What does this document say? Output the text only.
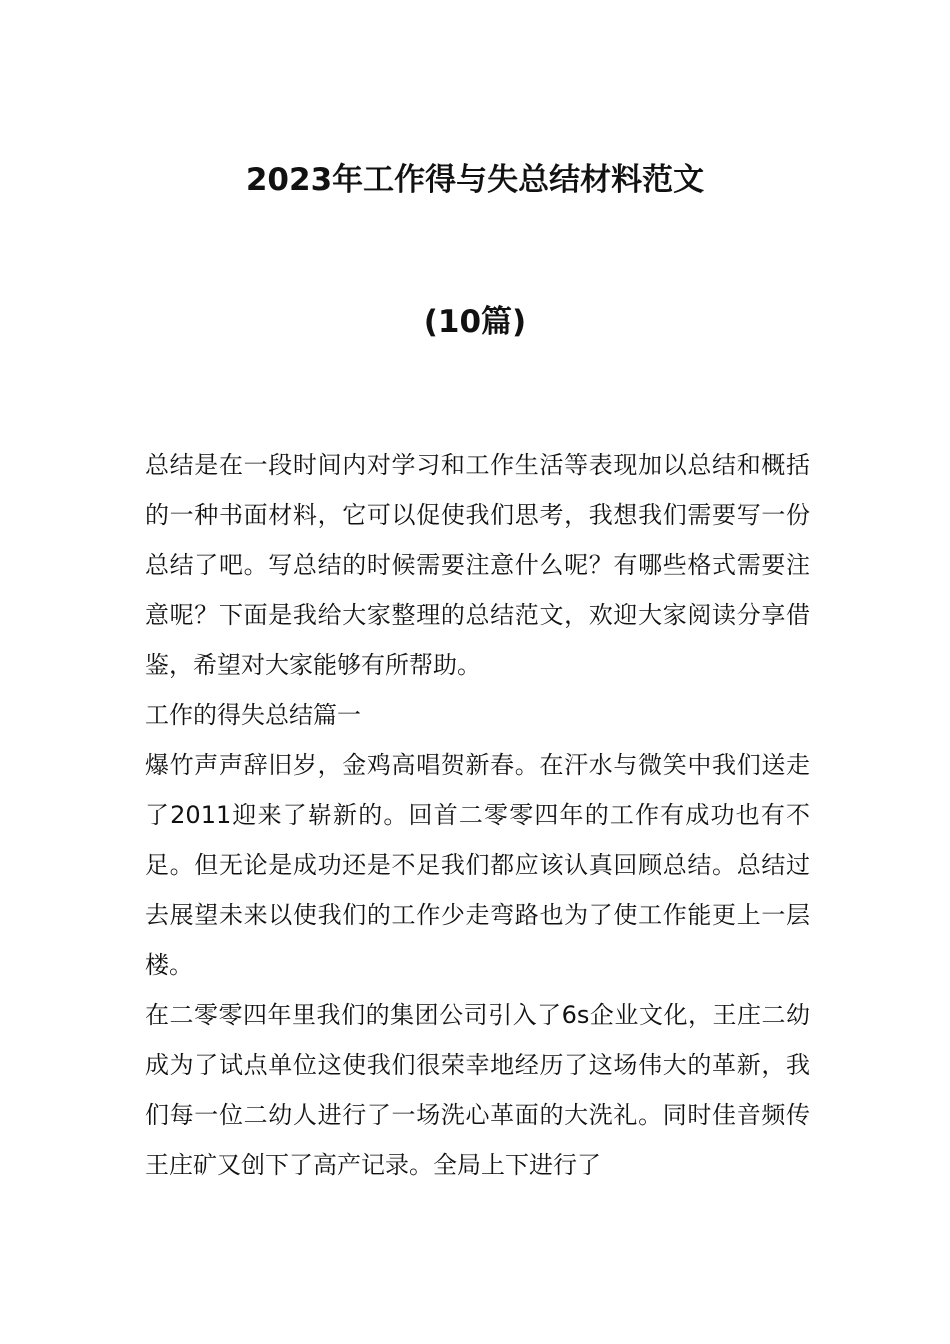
2023年工作得与失总结材料范文
(10篇)

总结是在一段时间内对学习和工作生活等表现加以总结和概括的一种书面材料，它可以促使我们思考，我想我们需要写一份总结了吧。写总结的时候需要注意什么呢？有哪些格式需要注意呢？下面是我给大家整理的总结范文，欢迎大家阅读分享借鉴，希望对大家能够有所帮助。

工作的得失总结篇一

爆竹声声辞旧岁，金鸡高唱贺新春。在汗水与微笑中我们送走了2011迎来了崭新的。回首二零零四年的工作有成功也有不足。但无论是成功还是不足我们都应该认真回顾总结。总结过去展望未来以使我们的工作少走弯路也为了使工作能更上一层楼。

在二零零四年里我们的集团公司引入了6s企业文化，王庄二幼成为了试点单位这使我们很荣幸地经历了这场伟大的革新，我们每一位二幼人进行了一场洗心革面的大洗礼。同时佳音频传王庄矿又创下了高产记录。全局上下进行了
